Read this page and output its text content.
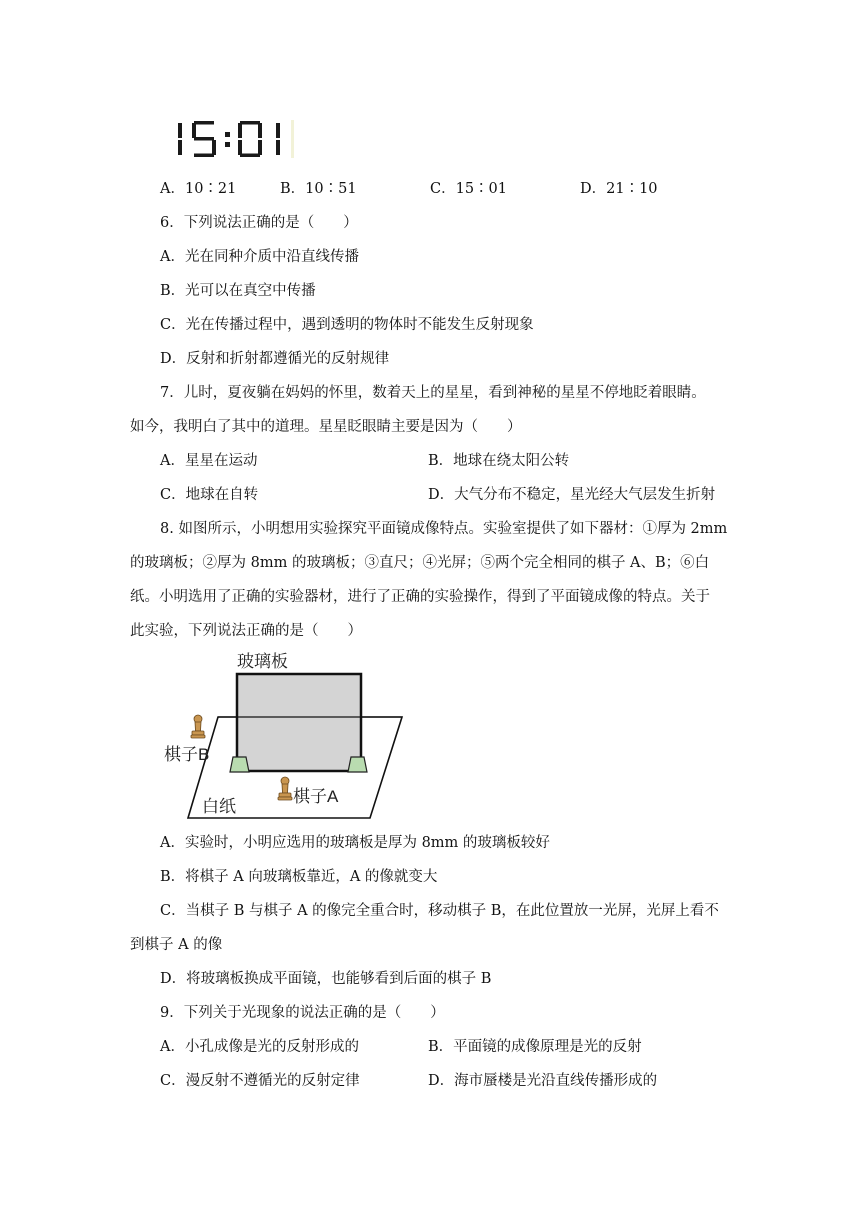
A．10∶21	B．10∶51	C．15∶01	D．21∶10
6．下列说法正确的是（　　）
A．光在同种介质中沿直线传播
B．光可以在真空中传播
C．光在传播过程中，遇到透明的物体时不能发生反射现象
D．反射和折射都遵循光的反射规律
7．儿时，夏夜躺在妈妈的怀里，数着天上的星星，看到神秘的星星不停地眨着眼睛。
如今，我明白了其中的道理。星星眨眼睛主要是因为（　　）
A．星星在运动	B．地球在绕太阳公转
C．地球在自转	D．大气分布不稳定，星光经大气层发生折射
8. 如图所示，小明想用实验探究平面镜成像特点。实验室提供了如下器材：①厚为 2mm
的玻璃板；②厚为 8mm 的玻璃板；③直尺；④光屏；⑤两个完全相同的棋子 A、B；⑥白
纸。小明选用了正确的实验器材，进行了正确的实验操作，得到了平面镜成像的特点。关于
此实验，下列说法正确的是（　　）
玻璃板
棋子B
棋子A
白纸
A．实验时，小明应选用的玻璃板是厚为 8mm 的玻璃板较好
B．将棋子 A 向玻璃板靠近，A 的像就变大
C．当棋子 B 与棋子 A 的像完全重合时，移动棋子 B，在此位置放一光屏，光屏上看不
到棋子 A 的像
D．将玻璃板换成平面镜，也能够看到后面的棋子 B
9．下列关于光现象的说法正确的是（　　）
A．小孔成像是光的反射形成的	B．平面镜的成像原理是光的反射
C．漫反射不遵循光的反射定律	D．海市蜃楼是光沿直线传播形成的
